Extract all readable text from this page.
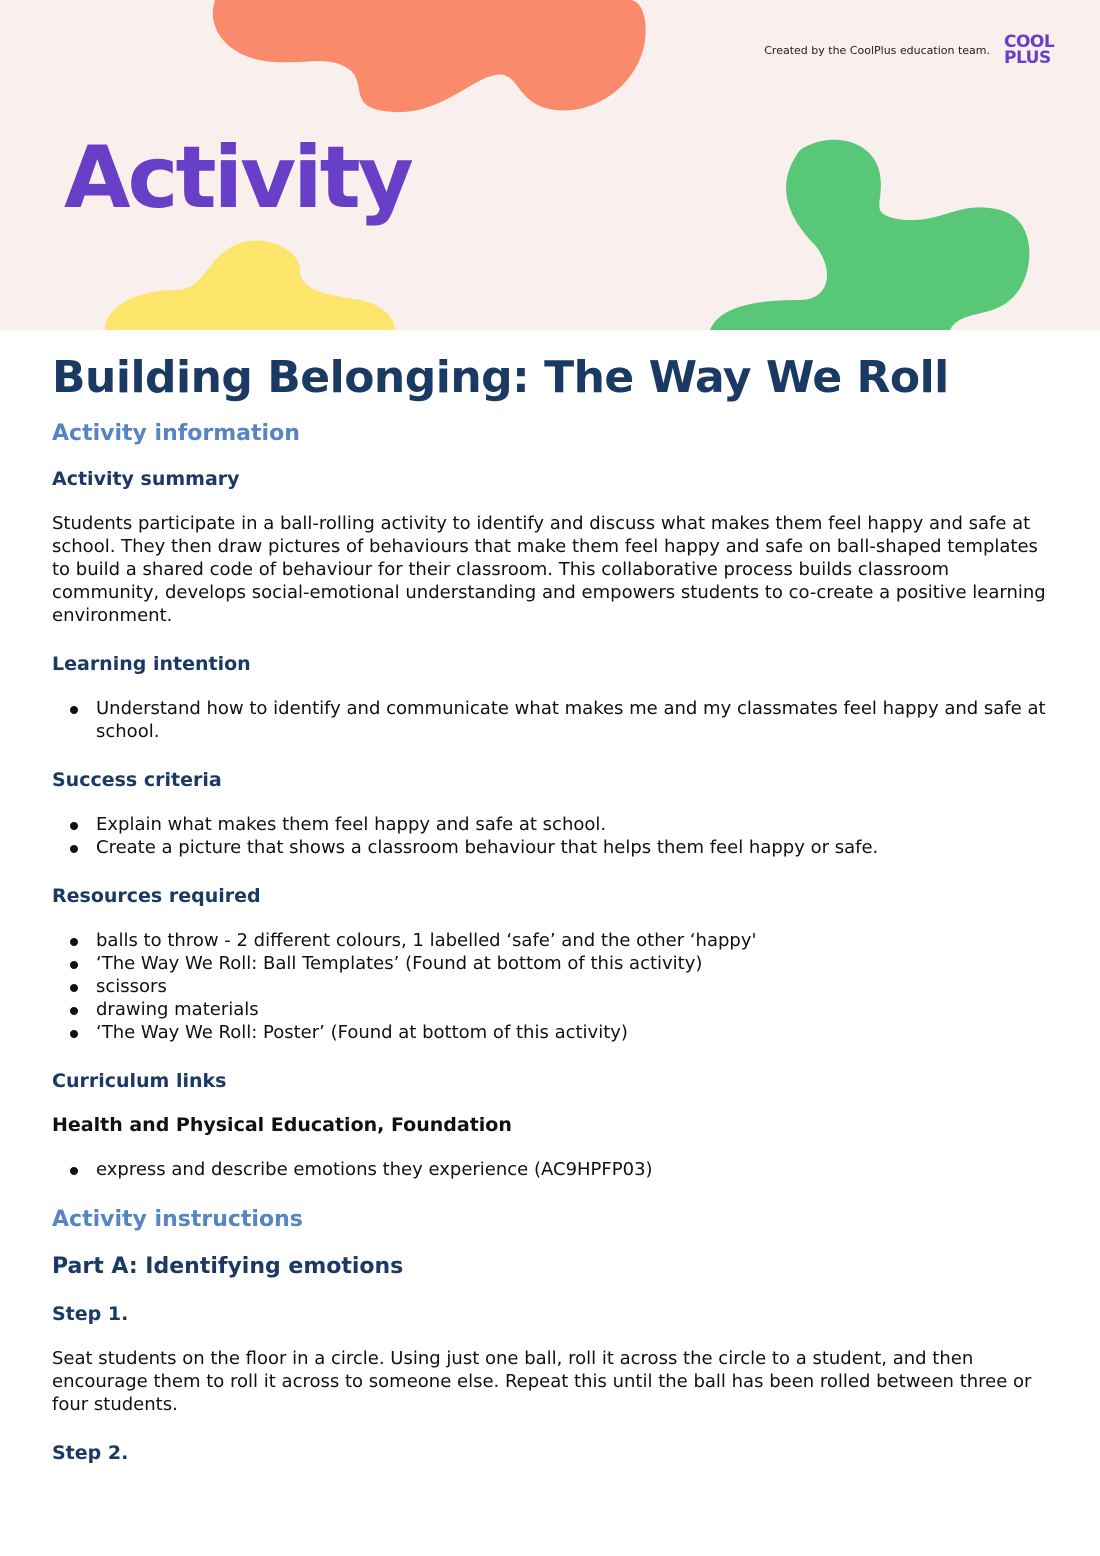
Created by the CoolPlus education team. COOL
PLUS
Activity
Building Belonging: The Way We Roll
Activity information
Activity summary

Students participate in a ball-rolling activity to identify and discuss what makes them feel happy and safe at school. They then draw pictures of behaviours that make them feel happy and safe on ball-shaped templates to build a shared code of behaviour for their classroom. This collaborative process builds classroom community, develops social-emotional understanding and empowers students to co-create a positive learning environment.

Learning intention
Understand how to identify and communicate what makes me and my classmates feel happy and safe at school.
Success criteria
Explain what makes them feel happy and safe at school.
Create a picture that shows a classroom behaviour that helps them feel happy or safe.
Resources required
balls to throw - 2 different colours, 1 labelled ‘safe’ and the other ‘happy'
‘The Way We Roll: Ball Templates’ (Found at bottom of this activity)
scissors
drawing materials
‘The Way We Roll: Poster’ (Found at bottom of this activity)
Curriculum links
Health and Physical Education, Foundation
express and describe emotions they experience (AC9HPFP03)
Activity instructions
Part A: Identifying emotions
Step 1.

Seat students on the floor in a circle. Using just one ball, roll it across the circle to a student, and then encourage them to roll it across to someone else. Repeat this until the ball has been rolled between three or four students.

Step 2.
